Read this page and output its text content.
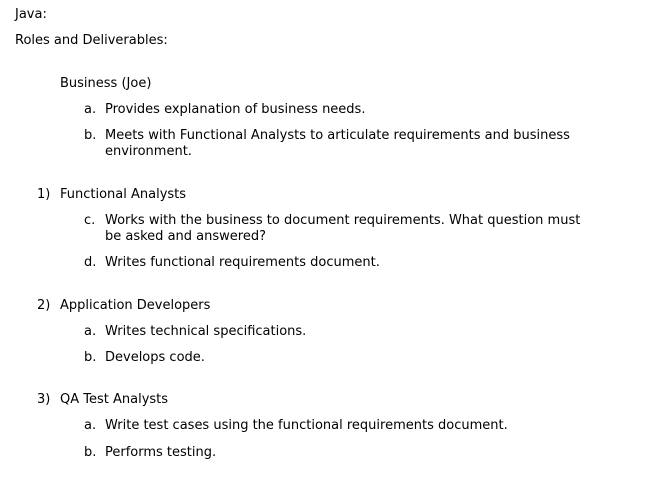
Java:
Roles and Deliverables:
Business (Joe)
a. Provides explanation of business needs.
b. Meets with Functional Analysts to articulate requirements and business environment.
1) Functional Analysts
c. Works with the business to document requirements. What question must be asked and answered?
d. Writes functional requirements document.
2) Application Developers
a. Writes technical specifications.
b. Develops code.
3) QA Test Analysts
a. Write test cases using the functional requirements document.
b. Performs testing.
